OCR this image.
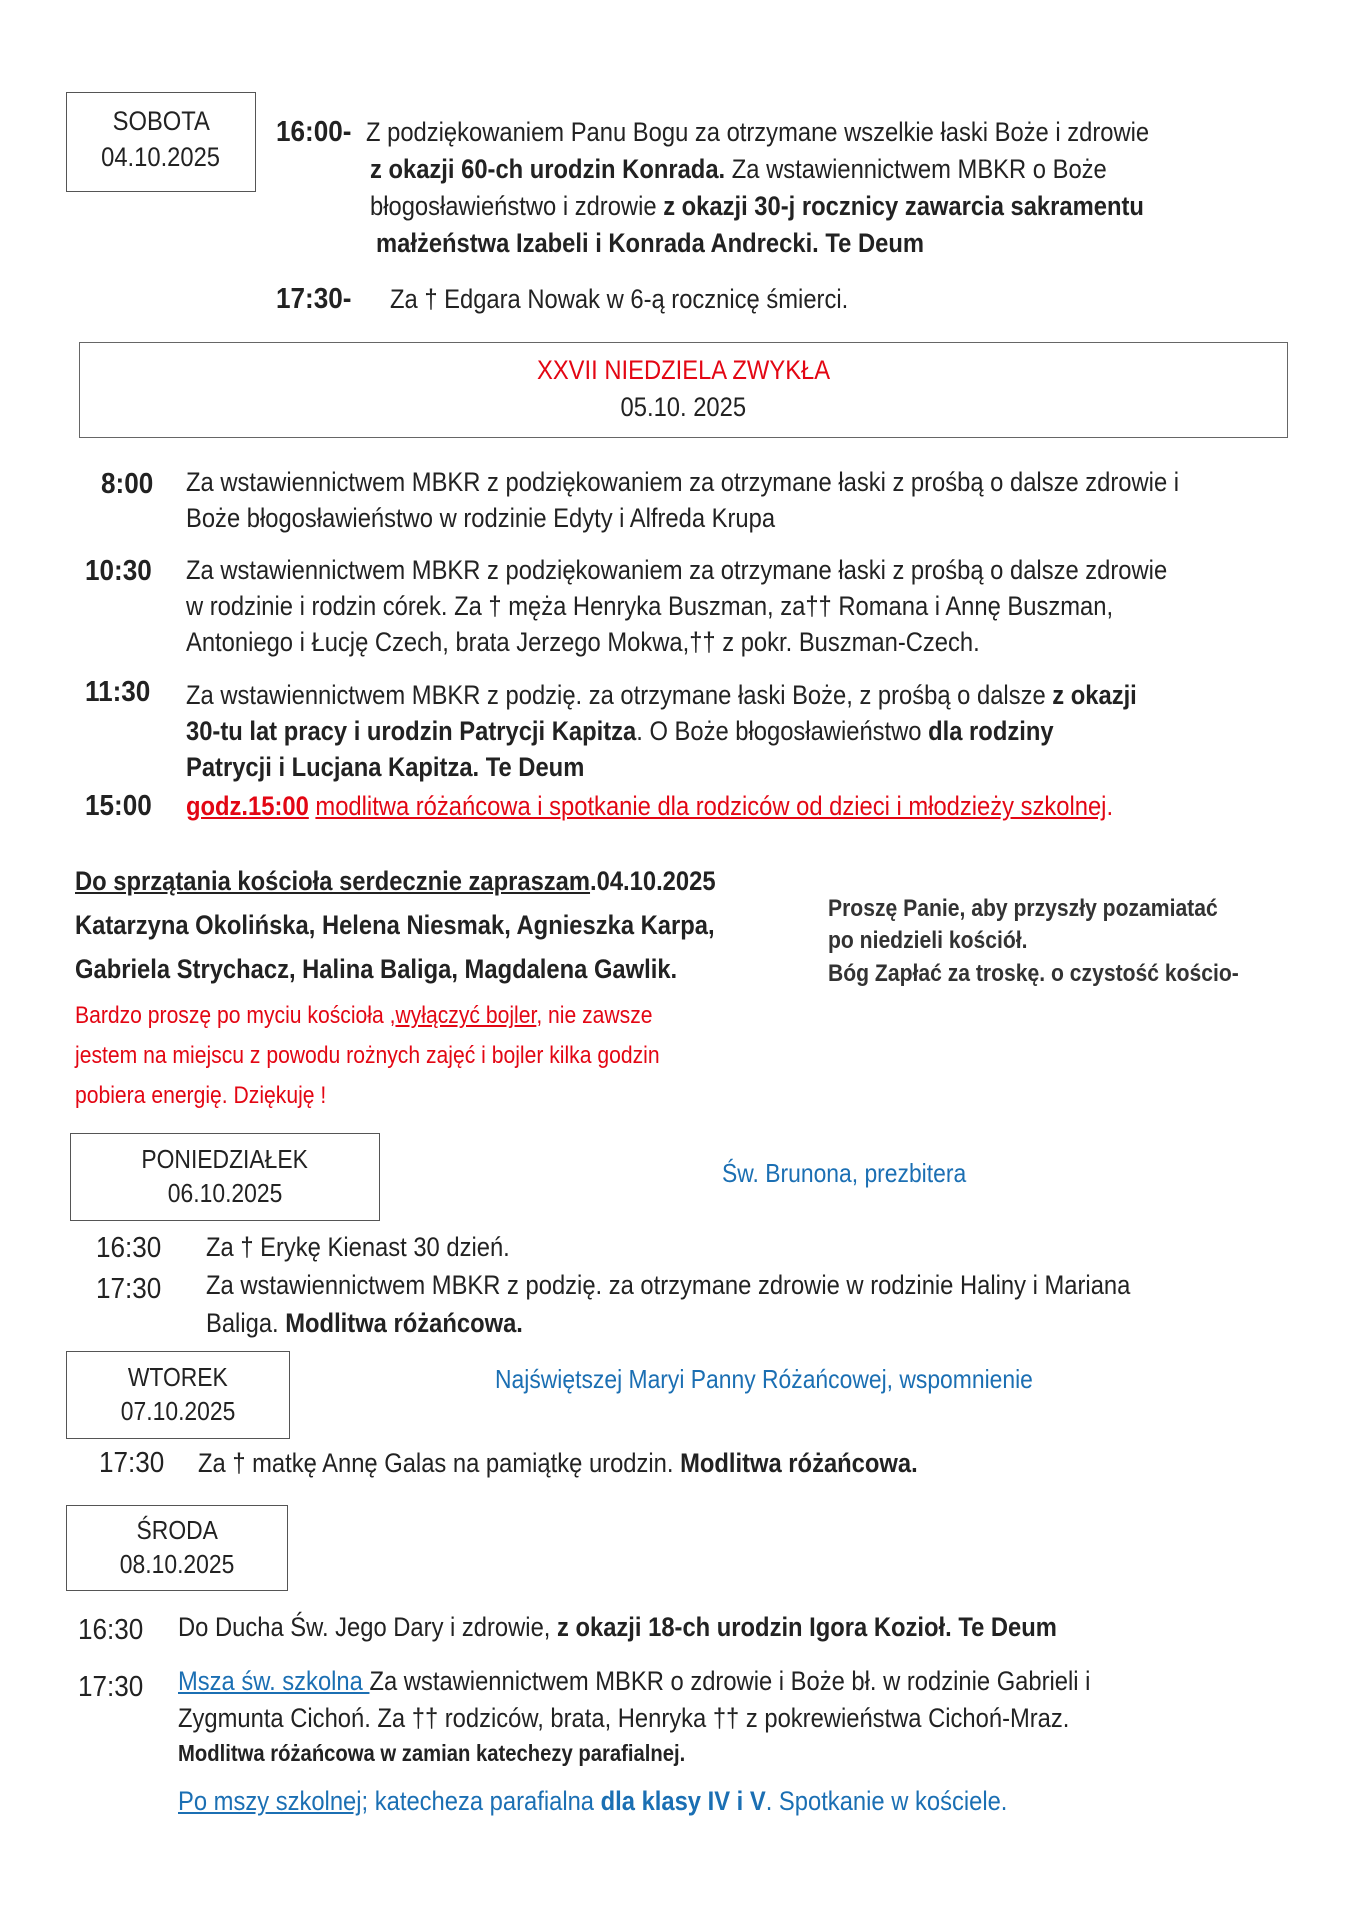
SOBOTA
04.10.2025
16:00- Z podziękowaniem Panu Bogu za otrzymane wszelkie łaski Boże i zdrowie
z okazji 60-ch urodzin Konrada. Za wstawiennictwem MBKR o Boże
błogosławieństwo i zdrowie z okazji 30-j rocznicy zawarcia sakramentu
małżeństwa Izabeli i Konrada Andrecki. Te Deum
17:30-	Za † Edgara Nowak w 6-ą rocznicę śmierci.
XXVII NIEDZIELA ZWYKŁA
05.10. 2025
8:00 Za wstawiennictwem MBKR z podziękowaniem za otrzymane łaski z prośbą o dalsze zdrowie i
Boże błogosławieństwo w rodzinie Edyty i Alfreda Krupa
10:30 Za wstawiennictwem MBKR z podziękowaniem za otrzymane łaski z prośbą o dalsze zdrowie
w rodzinie i rodzin córek. Za † męża Henryka Buszman, za†† Romana i Annę Buszman,
Antoniego i Łucję Czech, brata Jerzego Mokwa,†† z pokr. Buszman-Czech.
11:30 Za wstawiennictwem MBKR z podzię. za otrzymane łaski Boże, z prośbą o dalsze z okazji
30-tu lat pracy i urodzin Patrycji Kapitza. O Boże błogosławieństwo dla rodziny
Patrycji i Lucjana Kapitza. Te Deum
15:00 godz.15:00 modlitwa różańcowa i spotkanie dla rodziców od dzieci i młodzieży szkolnej.
Do sprzątania kościoła serdecznie zapraszam.04.10.2025
Katarzyna Okolińska, Helena Niesmak, Agnieszka Karpa,
Gabriela Strychacz, Halina Baliga, Magdalena Gawlik.
Bardzo proszę po myciu kościoła ,wyłączyć bojler, nie zawsze
jestem na miejscu z powodu rożnych zajęć i bojler kilka godzin
pobiera energię. Dziękuję !
Proszę Panie, aby przyszły pozamiatać
po niedzieli kościół.
Bóg Zapłać za troskę. o czystość kościo-
PONIEDZIAŁEK
06.10.2025
Św. Brunona, prezbitera
16:30 Za † Erykę Kienast 30 dzień.
17:30 Za wstawiennictwem MBKR z podzię. za otrzymane zdrowie w rodzinie Haliny i Mariana
Baliga. Modlitwa różańcowa.
WTOREK
07.10.2025
Najświętszej Maryi Panny Różańcowej, wspomnienie
17:30 Za † matkę Annę Galas na pamiątkę urodzin. Modlitwa różańcowa.
ŚRODA
08.10.2025
16:30 Do Ducha Św. Jego Dary i zdrowie, z okazji 18-ch urodzin Igora Kozioł. Te Deum
17:30 Msza św. szkolna Za wstawiennictwem MBKR o zdrowie i Boże bł. w rodzinie Gabrieli i
Zygmunta Cichoń. Za †† rodziców, brata, Henryka †† z pokrewieństwa Cichoń-Mraz.
Modlitwa różańcowa w zamian katechezy parafialnej.
Po mszy szkolnej; katecheza parafialna dla klasy IV i V. Spotkanie w kościele.
